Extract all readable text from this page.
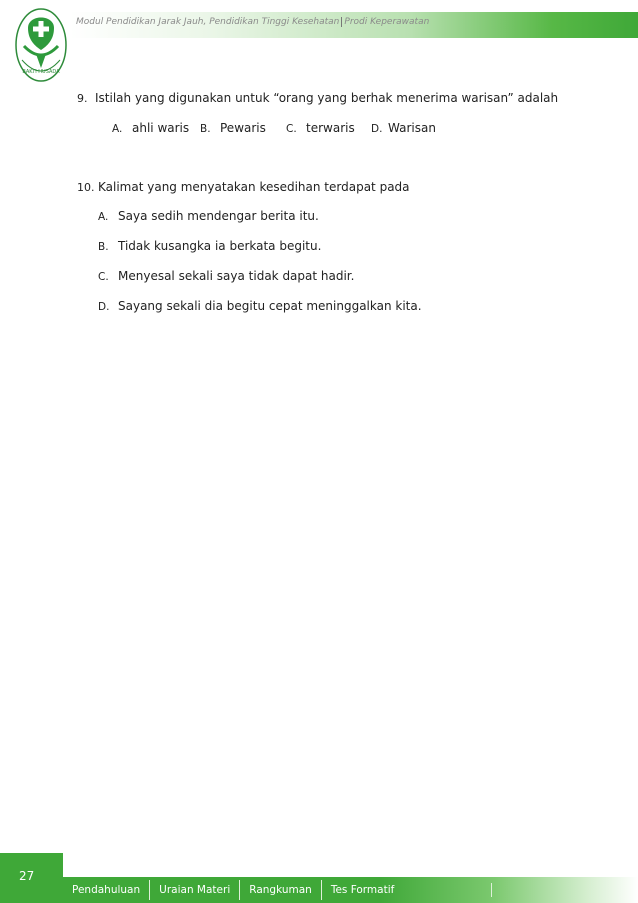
BAKTI HUSADA
Modul Pendidikan Jarak Jauh, Pendidikan Tinggi Kesehatan Prodi Keperawatan
9. Istilah yang digunakan untuk “orang yang berhak menerima warisan” adalah
A. ahli waris B. Pewaris C. terwaris D. Warisan
10. Kalimat yang menyatakan kesedihan terdapat pada
A. Saya sedih mendengar berita itu.
B. Tidak kusangka ia berkata begitu.
C. Menyesal sekali saya tidak dapat hadir.
D. Sayang sekali dia begitu cepat meninggalkan kita.
27
Pendahuluan	Uraian Materi	Rangkuman	Tes Formatif
